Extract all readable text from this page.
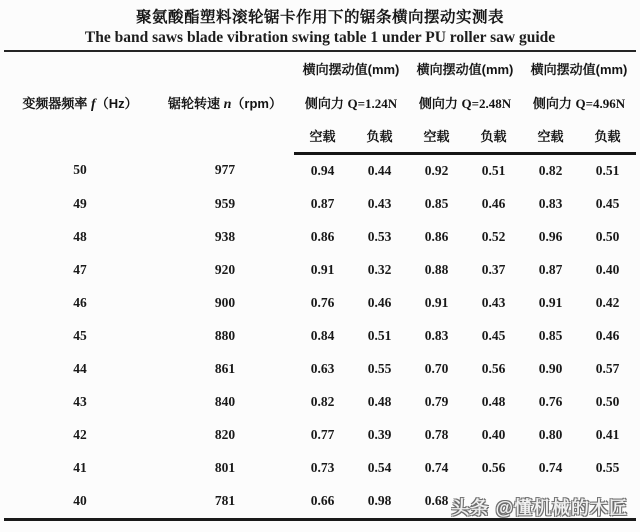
聚氨酸酯塑料滚轮锯卡作用下的锯条横向摆动实测表
The band saws blade vibration swing table 1 under PU roller saw guide
变频器频率 f（Hz）	锯轮转速 n（rpm）	横向摆动值(mm)		横向摆动值(mm)		横向摆动值(mm)	
		侧向力 Q=1.24N		侧向力 Q=2.48N		侧向力 Q=4.96N	
		空载	负载	空载	负载	空载	负载
50	977	0.94	0.44	0.92	0.51	0.82	0.51
49	959	0.87	0.43	0.85	0.46	0.83	0.45
48	938	0.86	0.53	0.86	0.52	0.96	0.50
47	920	0.91	0.32	0.88	0.37	0.87	0.40
46	900	0.76	0.46	0.91	0.43	0.91	0.42
45	880	0.84	0.51	0.83	0.45	0.85	0.46
44	861	0.63	0.55	0.70	0.56	0.90	0.57
43	840	0.82	0.48	0.79	0.48	0.76	0.50
42	820	0.77	0.39	0.78	0.40	0.80	0.41
41	801	0.73	0.54	0.74	0.56	0.74	0.55
40	781	0.66	0.98	0.68			头条 @懂机械的木匠
